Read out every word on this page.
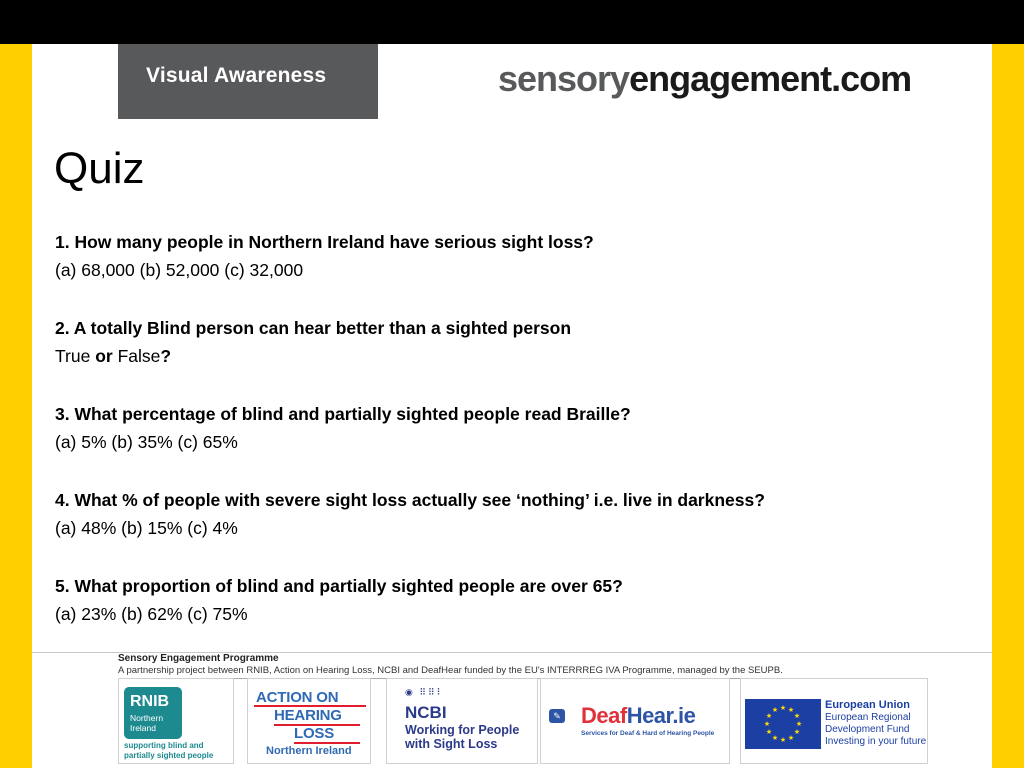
Visual Awareness	sensoryengagement.com
Quiz
1. How many people in Northern Ireland have serious sight loss?
(a) 68,000 (b) 52,000 (c) 32,000
2. A totally Blind person can hear better than a sighted person
True or False?
3. What percentage of blind and partially sighted people read Braille?
(a) 5% (b) 35% (c) 65%
4. What % of people with severe sight loss actually see ‘nothing’ i.e. live in darkness?
(a) 48% (b) 15% (c) 4%
5. What proportion of blind and partially sighted people are over 65?
(a) 23% (b) 62% (c) 75%
Sensory Engagement Programme
A partnership project between RNIB, Action on Hearing Loss, NCBI and DeafHear funded by the EU's INTERRREG IVA Programme, managed by the SEUPB.
RNIB
Northern
Ireland
supporting blind and
partially sighted people
ACTION ON
HEARING
LOSS
Northern Ireland
◉ ⠿⠿⠇
NCBI
Working for People
with Sight Loss
✎ DeafHear.ie
Services for Deaf & Hard of Hearing People
★ ★
★
★
★
★
★
★
★
★
★
★	European Union
European Regional
Development Fund
Investing in your future
